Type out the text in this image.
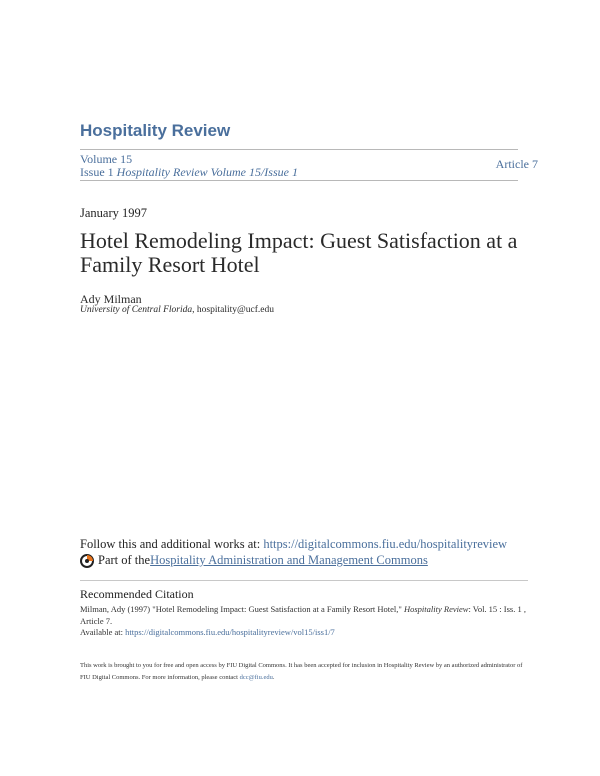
Hospitality Review
Volume 15
Issue 1 Hospitality Review Volume 15/Issue 1
Article 7
January 1997
Hotel Remodeling Impact: Guest Satisfaction at a Family Resort Hotel
Ady Milman
University of Central Florida, hospitality@ucf.edu
Follow this and additional works at: https://digitalcommons.fiu.edu/hospitalityreview
Part of the Hospitality Administration and Management Commons
Recommended Citation
Milman, Ady (1997) "Hotel Remodeling Impact: Guest Satisfaction at a Family Resort Hotel," Hospitality Review: Vol. 15 : Iss. 1 , Article 7.
Available at: https://digitalcommons.fiu.edu/hospitalityreview/vol15/iss1/7
This work is brought to you for free and open access by FIU Digital Commons. It has been accepted for inclusion in Hospitality Review by an authorized administrator of FIU Digital Commons. For more information, please contact dcc@fiu.edu.
